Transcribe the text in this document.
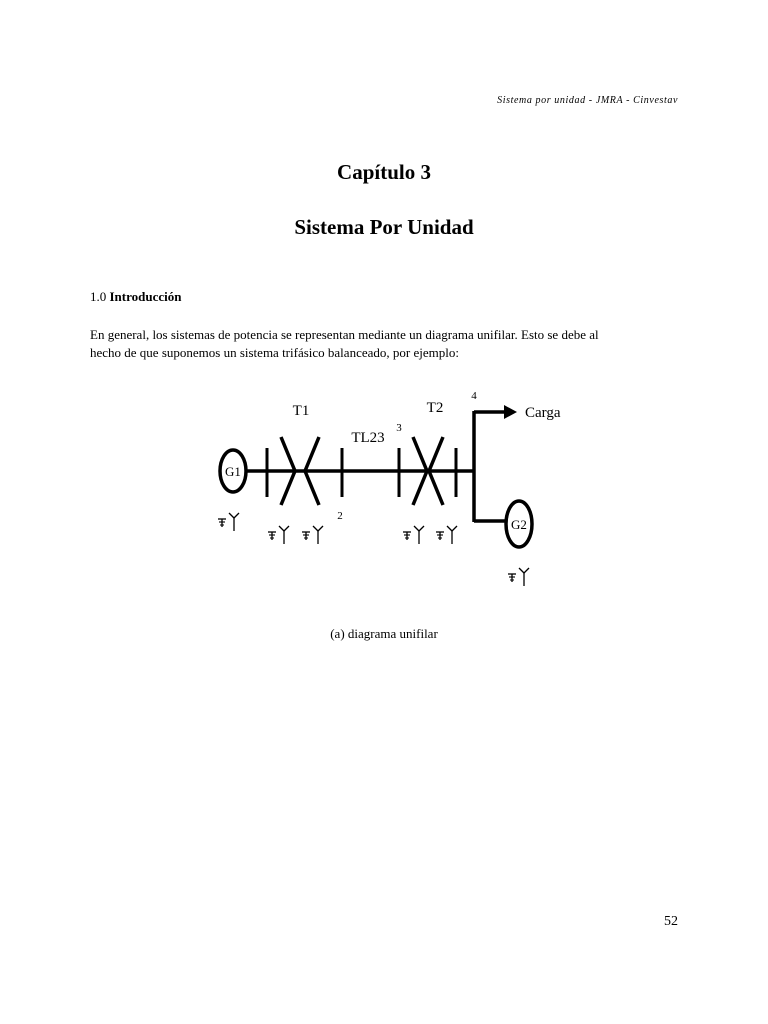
Sistema por unidad - JMRA - Cinvestav
Capítulo 3
Sistema Por Unidad
1.0 Introducción
En general, los sistemas de potencia se representan mediante un diagrama unifilar. Esto se debe al
hecho de que suponemos un sistema trifásico balanceado, por ejemplo:
G1
G2
T1	T2
TL23
2
3
4
Carga
(a) diagrama unifilar
52
